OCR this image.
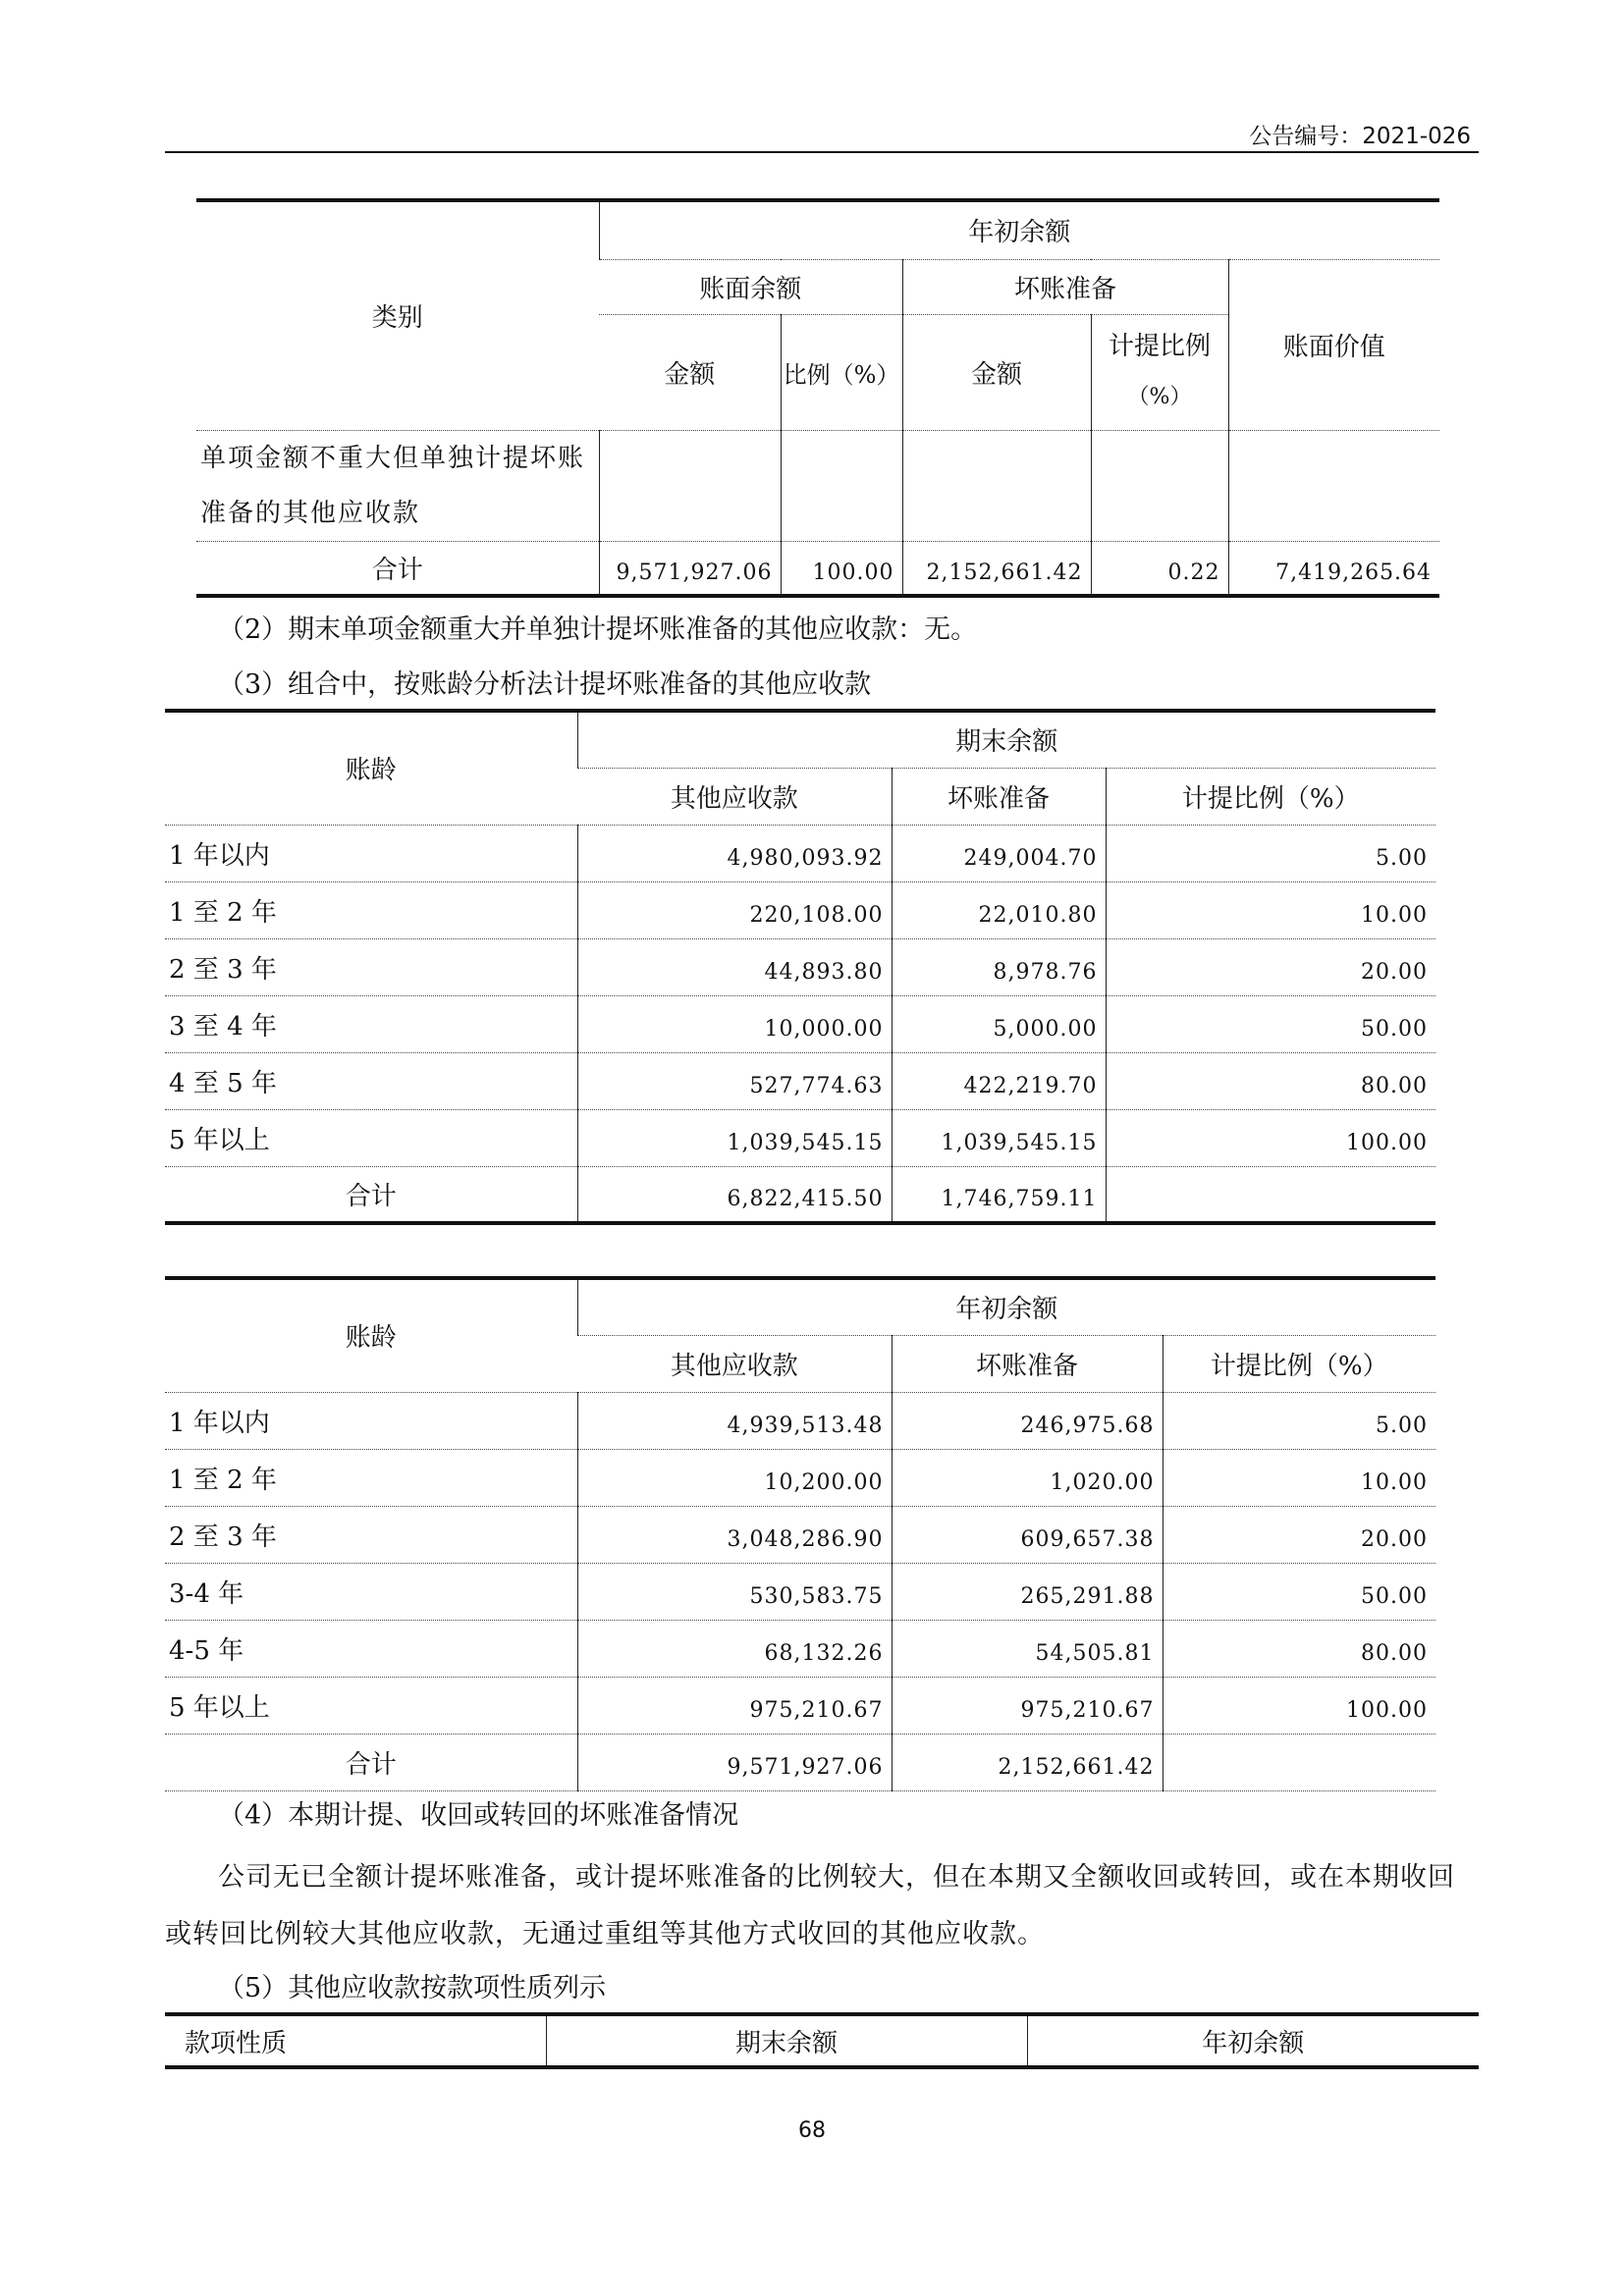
公告编号：2021-026
类别	年初余额				
	账面余额		坏账准备		账面价值
	金额	比例（%）	金额	计提比例
（%）	

单项金额不重大但单独计提坏账准备的其他应收款					
合计	9,571,927.06	100.00	2,152,661.42	0.22	7,419,265.64
（2）期末单项金额重大并单独计提坏账准备的其他应收款：无。
（3）组合中，按账龄分析法计提坏账准备的其他应收款
账龄	期末余额		
	其他应收款	坏账准备	计提比例（%）
1 年以内	4,980,093.92	249,004.70	5.00
1 至 2 年	220,108.00	22,010.80	10.00
2 至 3 年	44,893.80	8,978.76	20.00
3 至 4 年	10,000.00	5,000.00	50.00
4 至 5 年	527,774.63	422,219.70	80.00
5 年以上	1,039,545.15	1,039,545.15	100.00
合计	6,822,415.50	1,746,759.11	
账龄	年初余额		
	其他应收款	坏账准备	计提比例（%）
1 年以内	4,939,513.48	246,975.68	5.00
1 至 2 年	10,200.00	1,020.00	10.00
2 至 3 年	3,048,286.90	609,657.38	20.00
3-4 年	530,583.75	265,291.88	50.00
4-5 年	68,132.26	54,505.81	80.00
5 年以上	975,210.67	975,210.67	100.00
合计	9,571,927.06	2,152,661.42	
（4）本期计提、收回或转回的坏账准备情况
公司无已全额计提坏账准备，或计提坏账准备的比例较大，但在本期又全额收回或转回，或在本期收回或转回比例较大其他应收款，无通过重组等其他方式收回的其他应收款。
（5）其他应收款按款项性质列示
款项性质	期末余额	年初余额
68
